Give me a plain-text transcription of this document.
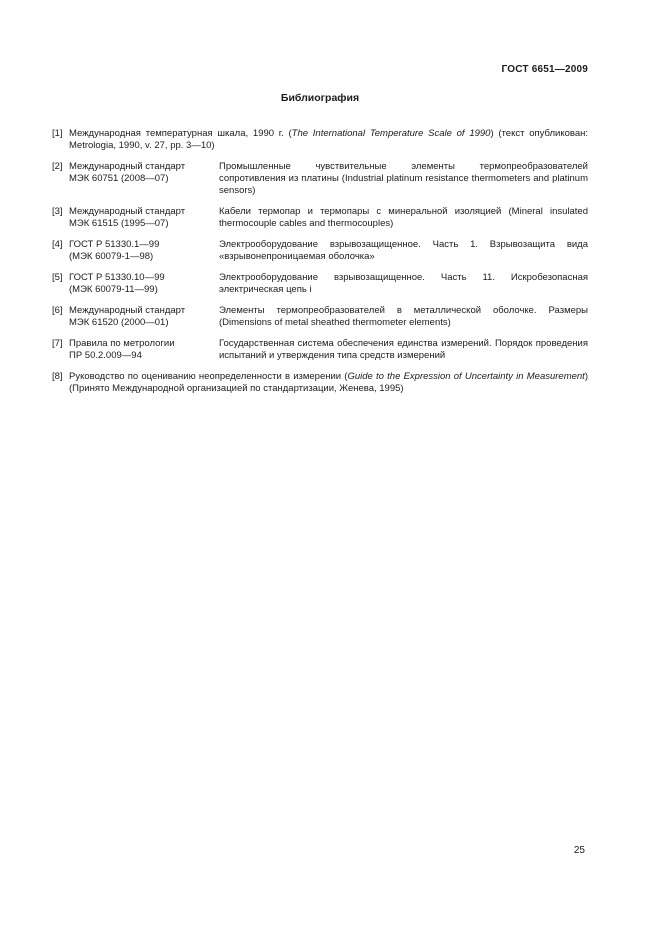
ГОСТ 6651—2009
Библиография
[1] Международная температурная шкала, 1990 г. (The International Temperature Scale of 1990) (текст опубликован: Metrologia, 1990, v. 27, pp. 3—10)
[2] Международный стандарт
МЭК 60751 (2008—07)
Промышленные чувствительные элементы термопреобразователей сопротивления из платины (Industrial platinum resistance thermometers and platinum sensors)
[3] Международный стандарт
МЭК 61515 (1995—07)
Кабели термопар и термопары с минеральной изоляцией (Mineral insulated thermocouple cables and thermocouples)
[4] ГОСТ Р 51330.1—99
(МЭК 60079-1—98)
Электрооборудование взрывозащищенное. Часть 1. Взрывозащита вида «взрывонепроницаемая оболочка»
[5] ГОСТ Р 51330.10—99
(МЭК 60079-11—99)
Электрооборудование взрывозащищенное. Часть 11. Искробезопасная электрическая цепь i
[6] Международный стандарт
МЭК 61520 (2000—01)
Элементы термопреобразователей в металлической оболочке. Размеры (Dimensions of metal sheathed thermometer elements)
[7] Правила по метрологии
ПР 50.2.009—94
Государственная система обеспечения единства измерений. Порядок проведения испытаний и утверждения типа средств измерений
[8] Руководство по оцениванию неопределенности в измерении (Guide to the Expression of Uncertainty in Measurement) (Принято Международной организацией по стандартизации, Женева, 1995)
25
